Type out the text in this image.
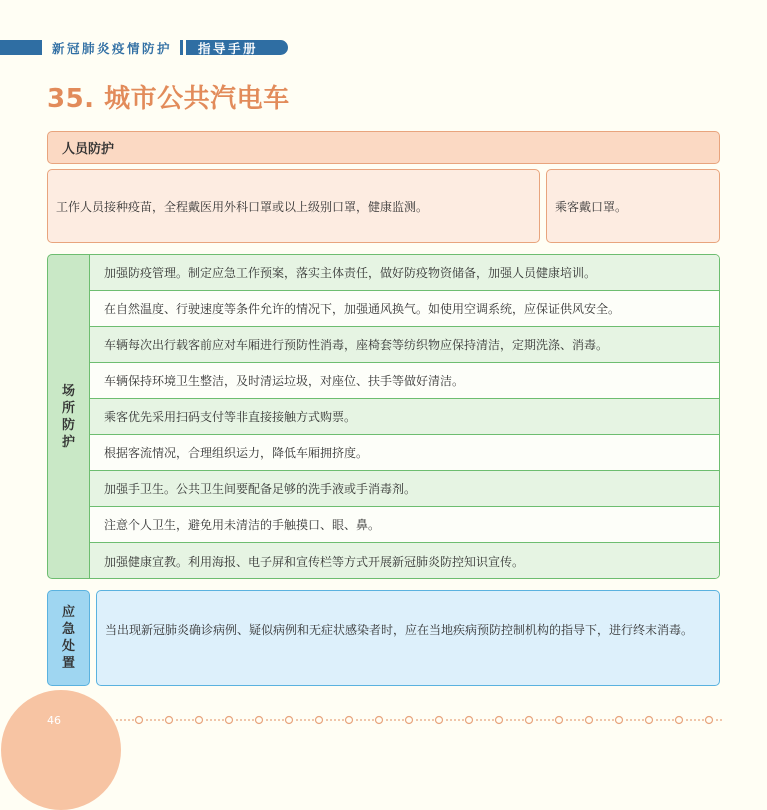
新冠肺炎疫情防护	指导手册
35. 城市公共汽电车
人员防护
工作人员接种疫苗，全程戴医用外科口罩或以上级别口罩，健康监测。	乘客戴口罩。
场所防护
加强防疫管理。制定应急工作预案，落实主体责任，做好防疫物资储备，加强人员健康培训。
在自然温度、行驶速度等条件允许的情况下，加强通风换气。如使用空调系统，应保证供风安全。
车辆每次出行载客前应对车厢进行预防性消毒，座椅套等纺织物应保持清洁，定期洗涤、消毒。
车辆保持环境卫生整洁，及时清运垃圾，对座位、扶手等做好清洁。
乘客优先采用扫码支付等非直接接触方式购票。
根据客流情况，合理组织运力，降低车厢拥挤度。
加强手卫生。公共卫生间要配备足够的洗手液或手消毒剂。
注意个人卫生，避免用未清洁的手触摸口、眼、鼻。
加强健康宣教。利用海报、电子屏和宣传栏等方式开展新冠肺炎防控知识宣传。
应急处置
当出现新冠肺炎确诊病例、疑似病例和无症状感染者时，应在当地疾病预防控制机构的指导下，进行终末消毒。
46
